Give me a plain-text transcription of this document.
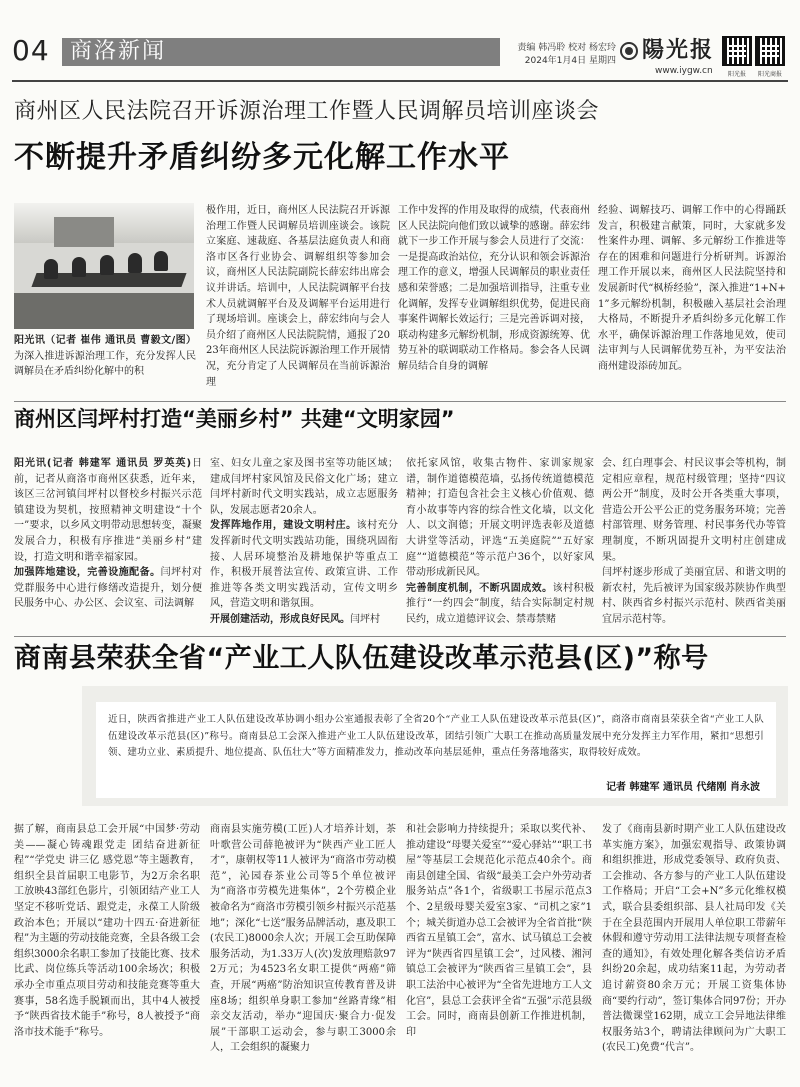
04 商洛新闻	责编 韩冯聆 校对 杨宏玲
2024年1月4日 星期四 陽光报
www.iygw.cn	阳光报	阳光商报
商州区人民法院召开诉源治理工作暨人民调解员培训座谈会
不断提升矛盾纠纷多元化解工作水平
阳光讯（记者 崔伟 通讯员 曹毅文/图）为深入推进诉源治理工作，充分发挥人民调解员在矛盾纠纷化解中的积
极作用，近日，商州区人民法院召开诉源治理工作暨人民调解员培训座谈会。该院立案庭、速裁庭、各基层法庭负责人和商洛市区各行业协会、调解组织等参加会议，商州区人民法院副院长薛宏纬出席会议并讲话。培训中，人民法院调解平台技术人员就调解平台及及调解平台运用进行了现场培训。座谈会上，薛宏纬向与会人员介绍了商州区人民法院院情，通报了2023年商州区人民法院诉源治理工作开展情况，充分肯定了人民调解员在当前诉源治理
工作中发挥的作用及取得的成绩，代表商州区人民法院向他们致以诚挚的感谢。薛宏纬就下一步工作开展与参会人员进行了交流：一是提高政治站位，充分认识和领会诉源治理工作的意义，增强人民调解员的职业责任感和荣誉感；二是加强培训指导，注重专业化调解，发挥专业调解组织优势，促进民商事案件调解长效运行；三是完善诉调对接，联动构建多元解纷机制，形成资源统筹、优势互补的联调联动工作格局。参会各人民调解员结合自身的调解
经验、调解技巧、调解工作中的心得踊跃发言，积极建言献策，同时，大家就多发性案件办理、调解、多元解纷工作推进等存在的困难和问题进行分析研判。诉源治理工作开展以来，商州区人民法院坚持和发展新时代“枫桥经验”，深入推进“1+N+1”多元解纷机制，积极融入基层社会治理大格局，不断提升矛盾纠纷多元化解工作水平，确保诉源治理工作落地见效，使司法审判与人民调解优势互补，为平安法治商州建设添砖加瓦。
商州区闫坪村打造“美丽乡村” 共建“文明家园”
阳光讯(记者 韩建军 通讯员 罗英英)日前，记者从商洛市商州区获悉，近年来，该区三岔河镇闫坪村以督校乡村振兴示范镇建设为契机，按照精神文明建设“十个一”要求，以乡风文明带动思想转变，凝聚发展合力，积极有序推进“美丽乡村”建设，打造文明和谐幸福家园。
加强阵地建设，完善设施配备。闫坪村对党群服务中心进行修缮改造提升，划分便民服务中心、办公区、会议室、司法调解
室、妇女儿童之家及图书室等功能区域；建成闫坪村家风馆及民俗文化广场；建立闫坪村新时代文明实践站，成立志愿服务队，发展志愿者20余人。
发挥阵地作用，建设文明村庄。该村充分发挥新时代文明实践站功能，围绕巩固衔接、人居环境整治及耕地保护等重点工作，积极开展普法宣传、政策宣讲、工作推进等各类文明实践活动，宣传文明乡风，营造文明和谐氛围。
开展创建活动，形成良好民风。闫坪村
依托家风馆，收集古物件、家训家规家谱，制作道德模范墙，弘扬传统道德模范精神；打造包含社会主义核心价值观、德育小故事等内容的综合性文化墙，以文化人、以文润德；开展文明评选表彰及道德大讲堂等活动，评选“五美庭院”“五好家庭”“道德模范”等示范户36个，以好家风带动形成新民风。
完善制度机制，不断巩固成效。该村积极推行“一约四会”制度，结合实际制定村规民约，成立道德评议会、禁毒禁赌
会、红白理事会、村民议事会等机构，制定相应章程，规范村级管理；坚持“四议两公开”制度，及时公开各类重大事项，营造公开公平公正的党务服务环境；完善村部管理、财务管理、村民事务代办等管理制度，不断巩固提升文明村庄创建成果。
闫坪村逐步形成了美丽宜居、和谐文明的新农村，先后被评为国家级苏陕协作典型村、陕西省乡村振兴示范村、陕西省美丽宜居示范村等。
商南县荣获全省“产业工人队伍建设改革示范县(区)”称号
近日，陕西省推进产业工人队伍建设改革协调小组办公室通报表彰了全省20个“产业工人队伍建设改革示范县(区)”，商洛市商南县荣获全省“产业工人队伍建设改革示范县(区)”称号。商南县总工会深入推进产业工人队伍建设改革，团结引领广大职工在推动高质量发展中充分发挥主力军作用，紧扣“思想引领、建功立业、素质提升、地位提高、队伍壮大”等方面精准发力，推动改革向基层延伸，重点任务落地落实，取得较好成效。
记者 韩建军 通讯员 代绪刚 肖永波
据了解，商南县总工会开展“中国梦·劳动美——凝心铸魂跟党走 团结奋进新征程”“学党史 讲三亿 感党恩”等主题教育，组织全县首届职工电影节，为2万余名职工放映43部红色影片，引领团结产业工人坚定不移听党话、跟党走，永葆工人阶级政治本色；开展以“建功十四五·奋进新征程”为主题的劳动技能竞赛，全县各级工会组织3000余名职工参加了技能比赛、技术比武、岗位练兵等活动100余场次；积极承办全市重点项目劳动和技能竞赛等重大赛事，58名选手脱颖而出，其中4人被授予“陕西省技术能手”称号，8人被授予“商洛市技术能手”称号。
商南县实施劳模(工匠)人才培养计划，茶叶歌营公司薛艳被评为“陕西产业工匠人才”，康朝权等11人被评为“商洛市劳动模范”，沁园春茶业公司等5个单位被评为“商洛市劳模先进集体”，2个劳模企业被命名为“商洛市劳模引领乡村振兴示范基地”；深化“七送”服务品牌活动，惠及职工(农民工)8000余人次；开展工会互助保障服务活动，为1.33万人(次)发放理赔款972万元；为4523名女职工提供“两癌”筛查，开展“两癌”防治知识宣传教育普及讲座8场；组织单身职工参加“丝路青缘”相亲交友活动，举办“迎国庆·聚合力·促发展”干部职工运动会，参与职工3000余人，工会组织的凝聚力
和社会影响力持续提升；采取以奖代补、推动建设“母婴关爱室”“爱心驿站”“职工书屋”等基层工会规范化示范点40余个。商南县创建全国、省级“最美工会户外劳动者服务站点”各1个，省级职工书屋示范点3个、2星级母婴关爱室3家、“司机之家”1个；城关街道办总工会被评为全省首批“陕西省五星镇工会”，富水、试马镇总工会被评为“陕西省四星镇工会”，过风楼、湘河镇总工会被评为“陕西省三星镇工会”，县职工法治中心被评为“全省先进地方工人文化宫”，县总工会获评全省“五强”示范县级工会。同时，商南县创新工作推进机制，印
发了《商南县新时期产业工人队伍建设改革实施方案》，加强宏观指导、政策协调和组织推进，形成党委领导、政府负责、工会推动、各方参与的产业工人队伍建设工作格局；开启“工会+N”多元化维权模式，联合县委组织部、县人社局印发《关于在全县范围内开展用人单位职工带薪年休假和遵守劳动用工法律法规专项督查检查的通知》，有效处理化解各类信访矛盾纠纷20余起，成功结案11起，为劳动者追讨薪资80余万元；开展工资集体协商“要约行动”，签订集体合同97份；开办普法微课堂162期，成立工会异地法律维权服务站3个，聘请法律顾问为广大职工(农民工)免费“代言”。
